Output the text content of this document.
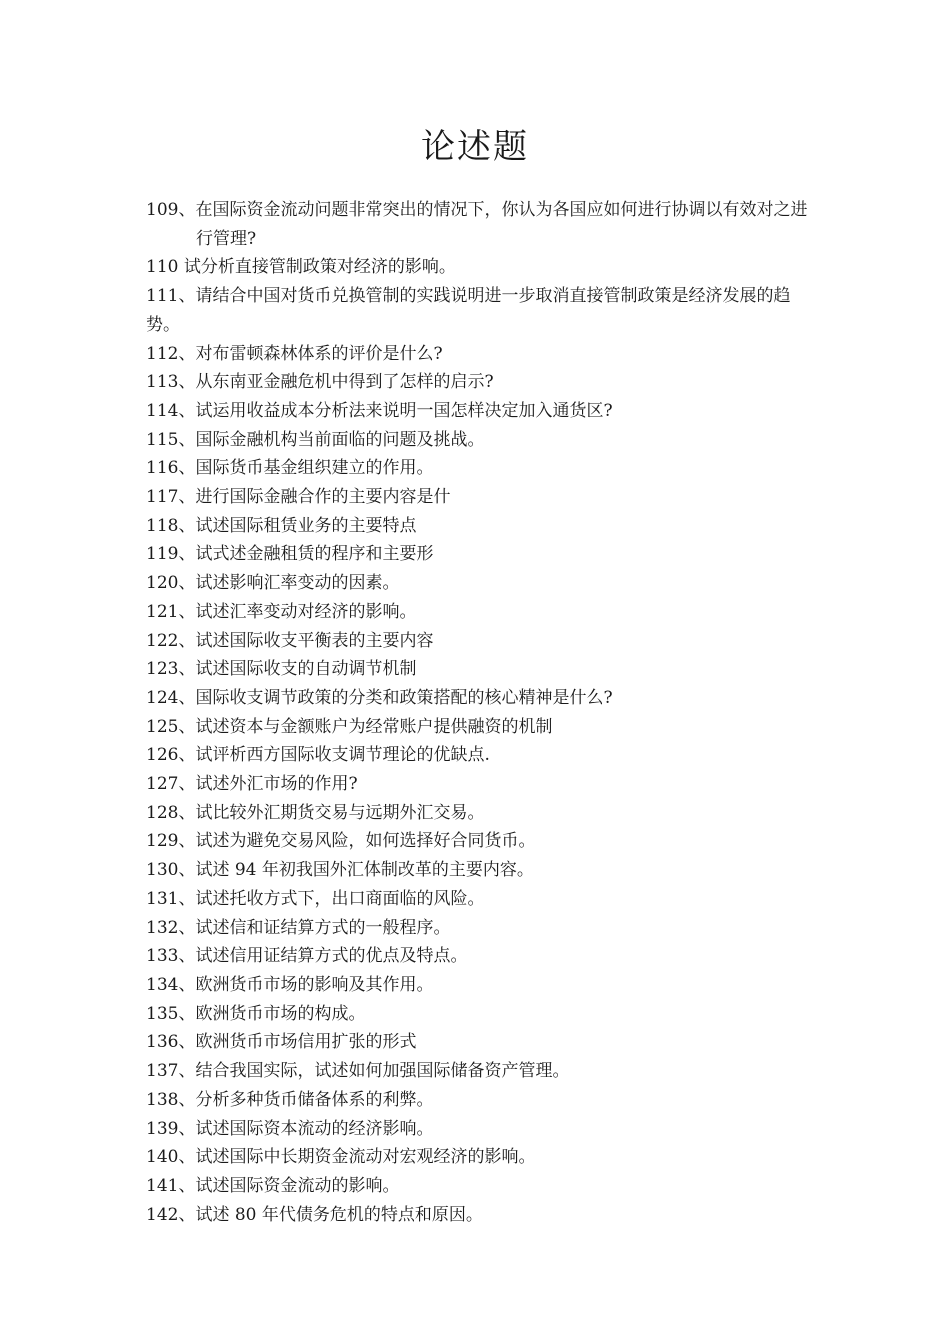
论述题
109、在国际资金流动问题非常突出的情况下，你认为各国应如何进行协调以有效对之进行管理?
110 试分析直接管制政策对经济的影响。
111、请结合中国对货币兑换管制的实践说明进一步取消直接管制政策是经济发展的趋势。
112、对布雷顿森林体系的评价是什么?
113、从东南亚金融危机中得到了怎样的启示?
114、试运用收益成本分析法来说明一国怎样决定加入通货区?
115、国际金融机构当前面临的问题及挑战。
116、国际货币基金组织建立的作用。
117、进行国际金融合作的主要内容是什
118、试述国际租赁业务的主要特点
119、试式述金融租赁的程序和主要形
120、试述影响汇率变动的因素。
121、试述汇率变动对经济的影响。
122、试述国际收支平衡表的主要内容
123、试述国际收支的自动调节机制
124、国际收支调节政策的分类和政策搭配的核心精神是什么?
125、试述资本与金额账户为经常账户提供融资的机制
126、试评析西方国际收支调节理论的优缺点.
127、试述外汇市场的作用?
128、试比较外汇期货交易与远期外汇交易。
129、试述为避免交易风险，如何选择好合同货币。
130、试述 94 年初我国外汇体制改革的主要内容。
131、试述托收方式下，出口商面临的风险。
132、试述信和证结算方式的一般程序。
133、试述信用证结算方式的优点及特点。
134、欧洲货币市场的影响及其作用。
135、欧洲货币市场的构成。
136、欧洲货币市场信用扩张的形式
137、结合我国实际，试述如何加强国际储备资产管理。
138、分析多种货币储备体系的利弊。
139、试述国际资本流动的经济影响。
140、试述国际中长期资金流动对宏观经济的影响。
141、试述国际资金流动的影响。
142、试述 80 年代债务危机的特点和原因。
